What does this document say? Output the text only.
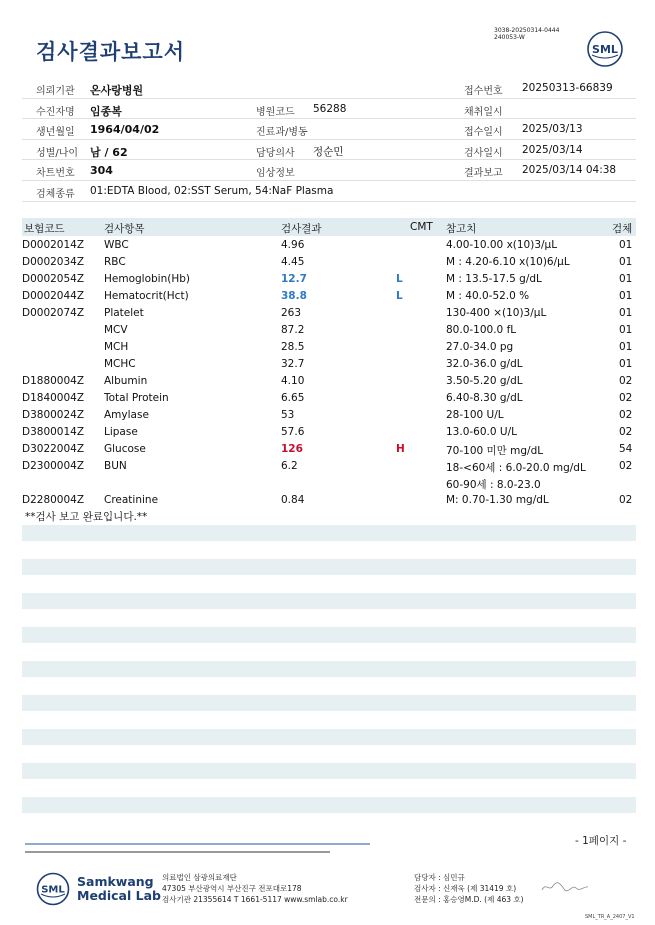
3038-20250314-0444
240053-W
검사결과보고서	SML
의뢰기관 온사랑병원	접수번호 20250313-66839
수진자명 임종복	병원코드 56288	채취일시
생년월일 1964/04/02	진료과/병동	접수일시 2025/03/13
성별/나이 남 / 62	담당의사 정순민	검사일시 2025/03/14
차트번호 304	임상정보	결과보고 2025/03/14 04:38
검체종류 01:EDTA Blood, 02:SST Serum, 54:NaF Plasma
보험코드	검사항목	검사결과	CMT 참고치	검체
D0002014Z WBC	4.96	4.00-10.00 x(10)3/μL	01
D0002034Z RBC	4.45	M : 4.20-6.10 x(10)6/μL	01
D0002054Z Hemoglobin(Hb)	12.7	L	M : 13.5-17.5 g/dL	01
D0002044Z Hematocrit(Hct)	38.8	L	M : 40.0-52.0 %	01
D0002074Z Platelet	263	130-400 ×(10)3/μL	01
MCV	87.2	80.0-100.0 fL	01
MCH	28.5	27.0-34.0 pg	01
MCHC	32.7	32.0-36.0 g/dL	01
D1880004Z Albumin	4.10	3.50-5.20 g/dL	02
D1840004Z Total Protein	6.65	6.40-8.30 g/dL	02
D3800024Z Amylase	53	28-100 U/L	02
D3800014Z Lipase	57.6	13.0-60.0 U/L	02
D3022004Z Glucose	126	H	70-100 미만 mg/dL	54
D2300004Z BUN	6.2	18-<60세 : 6.0-20.0 mg/dL	02
60-90세 : 8.0-23.0
D2280004Z Creatinine	0.84	M: 0.70-1.30 mg/dL	02
**검사 보고 완료입니다.**
- 1페이지 -
SML
Samkwang
Medical Lab
의료법인 삼광의료재단
47305 부산광역시 부산진구 전포대로178
검사기관 21355614 T 1661-5117 www.smlab.co.kr
담당자 : 심민규
검사자 : 신재욱 (제 31419 호)
전문의 : 홍승영M.D. (제 463 호)
SML_TR_A_2407_V1
